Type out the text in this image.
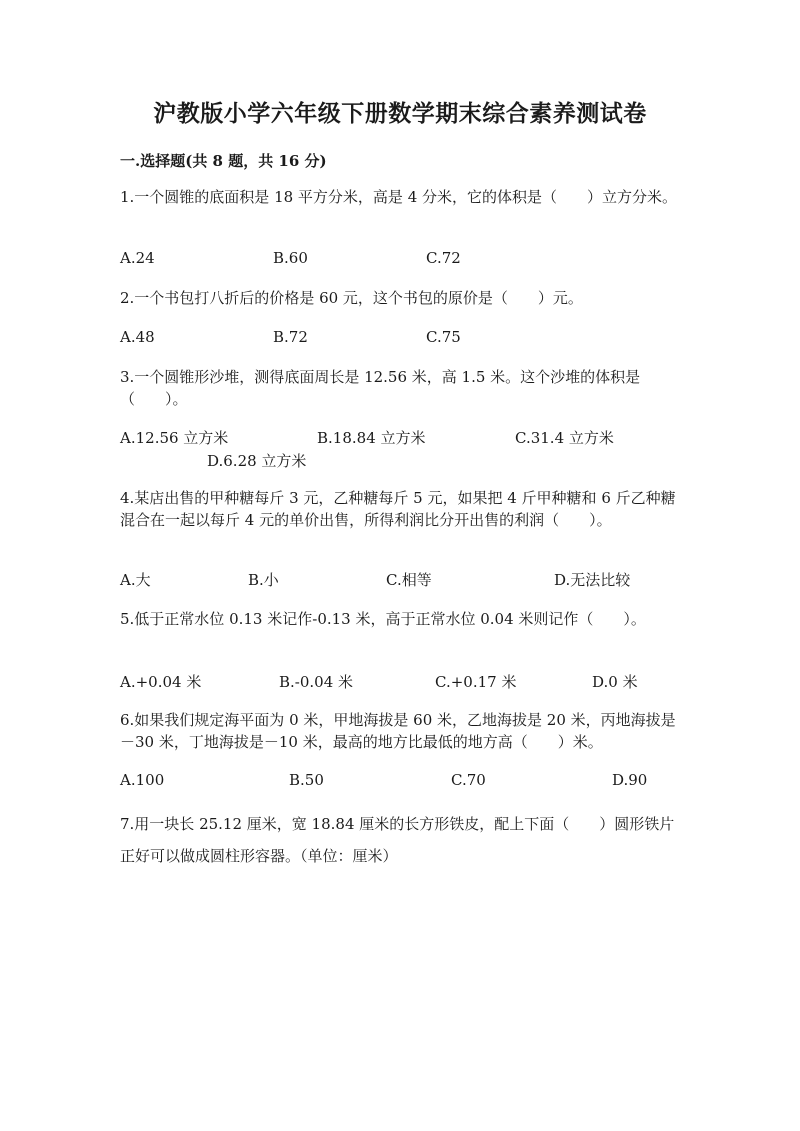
沪教版小学六年级下册数学期末综合素养测试卷
一.选择题(共 8 题，共 16 分)
1.一个圆锥的底面积是 18 平方分米，高是 4 分米，它的体积是（　　）立方分米。
A.24	B.60	C.72
2.一个书包打八折后的价格是 60 元，这个书包的原价是（　　）元。
A.48	B.72	C.75
3.一个圆锥形沙堆，测得底面周长是 12.56 米，高 1.5 米。这个沙堆的体积是（　　）。
A.12.56 立方米	B.18.84 立方米	C.31.4 立方米
D.6.28 立方米
4.某店出售的甲种糖每斤 3 元，乙种糖每斤 5 元，如果把 4 斤甲种糖和 6 斤乙种糖混合在一起以每斤 4 元的单价出售，所得利润比分开出售的利润（　　）。
A.大	B.小	C.相等	D.无法比较
5.低于正常水位 0.13 米记作-0.13 米，高于正常水位 0.04 米则记作（　　）。
A.+0.04 米	B.-0.04 米	C.+0.17 米	D.0 米
6.如果我们规定海平面为 0 米，甲地海拔是 60 米，乙地海拔是 20 米，丙地海拔是－30 米，丁地海拔是－10 米，最高的地方比最低的地方高（　　）米。
A.100	B.50	C.70	D.90
7.用一块长 25.12 厘米，宽 18.84 厘米的长方形铁皮，配上下面（　　）圆形铁片正好可以做成圆柱形容器。（单位：厘米）
